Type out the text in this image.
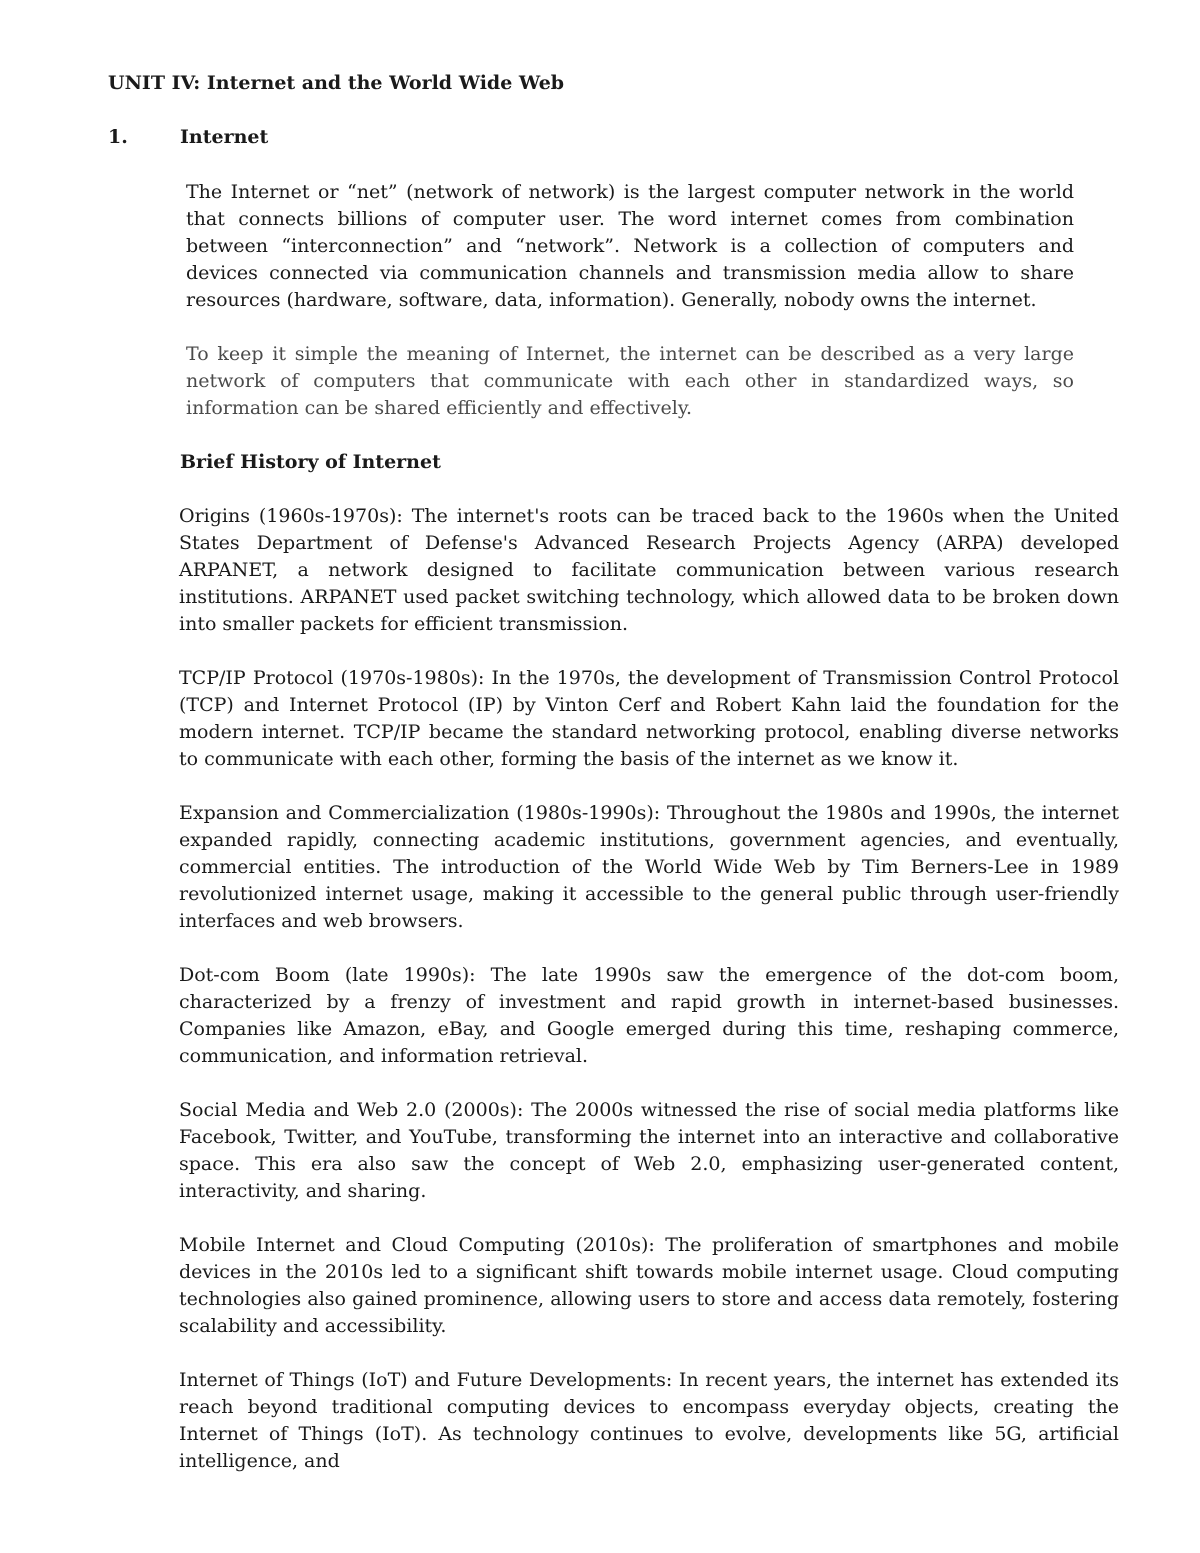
UNIT IV: Internet and the World Wide Web
1.	Internet

The Internet or “net” (network of network) is the largest computer network in the world that connects billions of computer user. The word internet comes from combination between “interconnection” and “network”. Network is a collection of computers and devices connected via communication channels and transmission media allow to share resources (hardware, software, data, information). Generally, nobody owns the internet.

To keep it simple the meaning of Internet, the internet can be described as a very large network of computers that communicate with each other in standardized ways, so information can be shared efficiently and effectively.

Brief History of Internet

Origins (1960s-1970s): The internet's roots can be traced back to the 1960s when the United States Department of Defense's Advanced Research Projects Agency (ARPA) developed ARPANET, a network designed to facilitate communication between various research institutions. ARPANET used packet switching technology, which allowed data to be broken down into smaller packets for efficient transmission.

TCP/IP Protocol (1970s-1980s): In the 1970s, the development of Transmission Control Protocol (TCP) and Internet Protocol (IP) by Vinton Cerf and Robert Kahn laid the foundation for the modern internet. TCP/IP became the standard networking protocol, enabling diverse networks to communicate with each other, forming the basis of the internet as we know it.

Expansion and Commercialization (1980s-1990s): Throughout the 1980s and 1990s, the internet expanded rapidly, connecting academic institutions, government agencies, and eventually, commercial entities. The introduction of the World Wide Web by Tim Berners-Lee in 1989 revolutionized internet usage, making it accessible to the general public through user-friendly interfaces and web browsers.

Dot-com Boom (late 1990s): The late 1990s saw the emergence of the dot-com boom, characterized by a frenzy of investment and rapid growth in internet-based businesses. Companies like Amazon, eBay, and Google emerged during this time, reshaping commerce, communication, and information retrieval.

Social Media and Web 2.0 (2000s): The 2000s witnessed the rise of social media platforms like Facebook, Twitter, and YouTube, transforming the internet into an interactive and collaborative space. This era also saw the concept of Web 2.0, emphasizing user-generated content, interactivity, and sharing.

Mobile Internet and Cloud Computing (2010s): The proliferation of smartphones and mobile devices in the 2010s led to a significant shift towards mobile internet usage. Cloud computing technologies also gained prominence, allowing users to store and access data remotely, fostering scalability and accessibility.

Internet of Things (IoT) and Future Developments: In recent years, the internet has extended its reach beyond traditional computing devices to encompass everyday objects, creating the Internet of Things (IoT). As technology continues to evolve, developments like 5G, artificial intelligence, and
